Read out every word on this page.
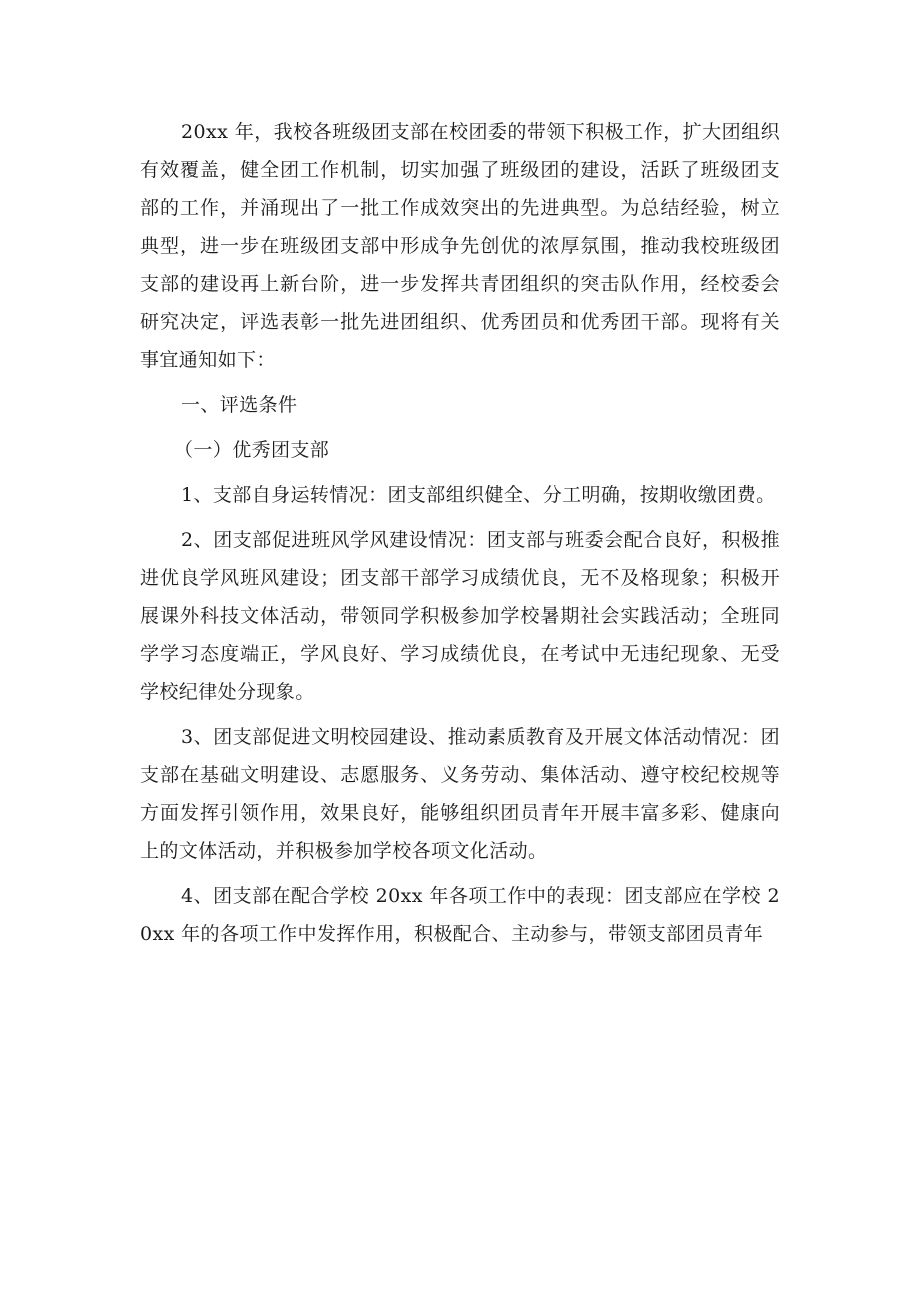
20xx 年，我校各班级团支部在校团委的带领下积极工作，扩大团组织有效覆盖，健全团工作机制，切实加强了班级团的建设，活跃了班级团支部的工作，并涌现出了一批工作成效突出的先进典型。为总结经验，树立典型，进一步在班级团支部中形成争先创优的浓厚氛围，推动我校班级团支部的建设再上新台阶，进一步发挥共青团组织的突击队作用，经校委会研究决定，评选表彰一批先进团组织、优秀团员和优秀团干部。现将有关事宜通知如下：

一、评选条件

（一）优秀团支部

1、支部自身运转情况：团支部组织健全、分工明确，按期收缴团费。

2、团支部促进班风学风建设情况：团支部与班委会配合良好，积极推进优良学风班风建设；团支部干部学习成绩优良，无不及格现象；积极开展课外科技文体活动，带领同学积极参加学校暑期社会实践活动；全班同学学习态度端正，学风良好、学习成绩优良，在考试中无违纪现象、无受学校纪律处分现象。

3、团支部促进文明校园建设、推动素质教育及开展文体活动情况：团支部在基础文明建设、志愿服务、义务劳动、集体活动、遵守校纪校规等方面发挥引领作用，效果良好，能够组织团员青年开展丰富多彩、健康向上的文体活动，并积极参加学校各项文化活动。

4、团支部在配合学校 20xx 年各项工作中的表现：团支部应在学校 20xx 年的各项工作中发挥作用，积极配合、主动参与，带领支部团员青年
